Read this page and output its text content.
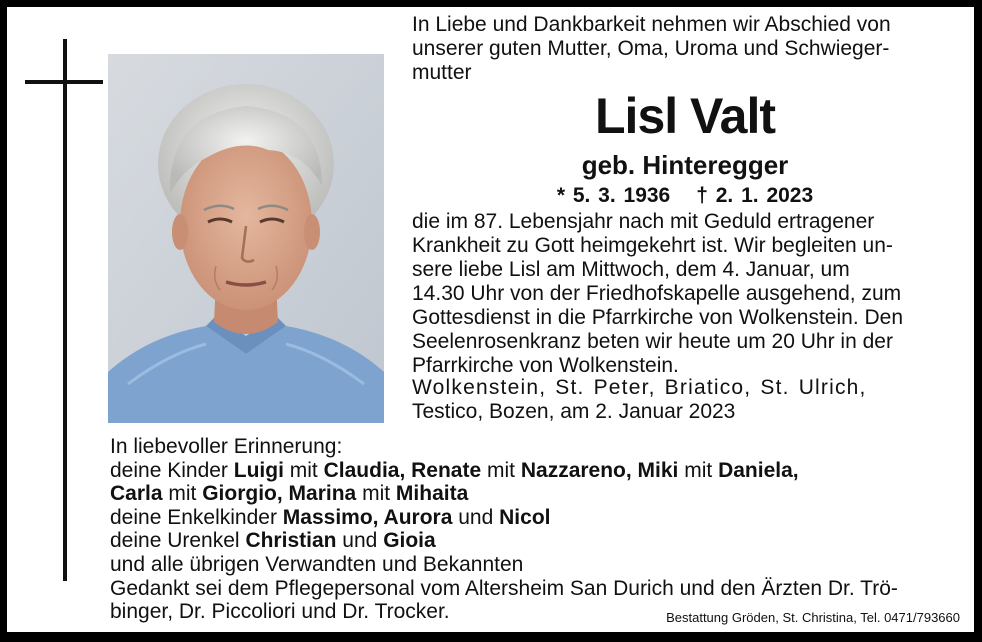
In Liebe und Dankbarkeit nehmen wir Abschied von
unserer guten Mutter, Oma, Uroma und Schwieger-
mutter
Lisl Valt
geb. Hinteregger
* 5. 3. 1936 † 2. 1. 2023
die im 87. Lebensjahr nach mit Geduld ertragener
Krankheit zu Gott heimgekehrt ist. Wir begleiten un-
sere liebe Lisl am Mittwoch, dem 4. Januar, um
14.30 Uhr von der Friedhofskapelle ausgehend, zum
Gottesdienst in die Pfarrkirche von Wolkenstein. Den
Seelenrosenkranz beten wir heute um 20 Uhr in der
Pfarrkirche von Wolkenstein.
Wolkenstein, St. Peter, Briatico, St. Ulrich,
Testico, Bozen, am 2. Januar 2023
In liebevoller Erinnerung:
deine Kinder Luigi mit Claudia, Renate mit Nazzareno, Miki mit Daniela,
Carla mit Giorgio, Marina mit Mihaita
deine Enkelkinder Massimo, Aurora und Nicol
deine Urenkel Christian und Gioia
und alle übrigen Verwandten und Bekannten
Gedankt sei dem Pflegepersonal vom Altersheim San Durich und den Ärzten Dr. Trö-
binger, Dr. Piccoliori und Dr. Trocker.	Bestattung Gröden, St. Christina, Tel. 0471/793660
